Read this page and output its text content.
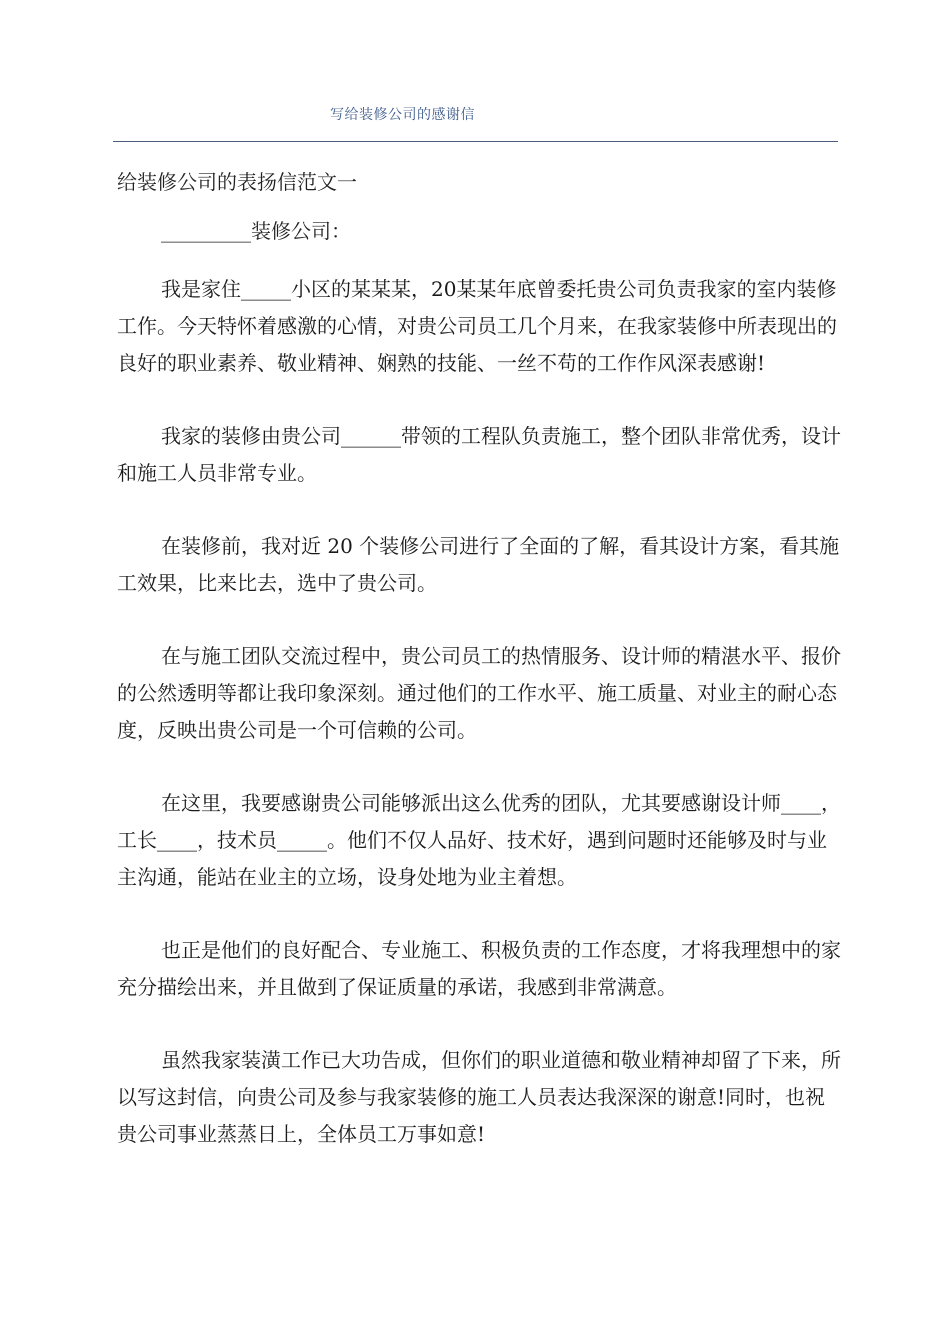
写给装修公司的感谢信
给装修公司的表扬信范文一
_________装修公司：

我是家住_____小区的某某某，20某某年底曾委托贵公司负责我家的室内装修工作。今天特怀着感激的心情，对贵公司员工几个月来，在我家装修中所表现出的良好的职业素养、敬业精神、娴熟的技能、一丝不苟的工作作风深表感谢!

我家的装修由贵公司______带领的工程队负责施工，整个团队非常优秀，设计和施工人员非常专业。

在装修前，我对近 20 个装修公司进行了全面的了解，看其设计方案，看其施工效果，比来比去，选中了贵公司。

在与施工团队交流过程中，贵公司员工的热情服务、设计师的精湛水平、报价的公然透明等都让我印象深刻。通过他们的工作水平、施工质量、对业主的耐心态度，反映出贵公司是一个可信赖的公司。

在这里，我要感谢贵公司能够派出这么优秀的团队，尤其要感谢设计师____，工长____，技术员_____。他们不仅人品好、技术好，遇到问题时还能够及时与业主沟通，能站在业主的立场，设身处地为业主着想。

也正是他们的良好配合、专业施工、积极负责的工作态度，才将我理想中的家充分描绘出来，并且做到了保证质量的承诺，我感到非常满意。

虽然我家装潢工作已大功告成，但你们的职业道德和敬业精神却留了下来，所以写这封信，向贵公司及参与我家装修的施工人员表达我深深的谢意!同时，也祝贵公司事业蒸蒸日上，全体员工万事如意!
